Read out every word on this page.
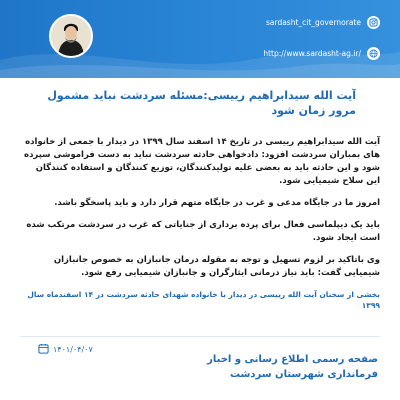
sardasht_cit_governorate
http://www.sardasht-ag.ir/
آیت الله سیدابراهیم رییسی:مسئله سردشت نباید مشمول مرور زمان شود

آیت الله سیدابراهیم رییسی در تاریخ ۱۴ اسفند سال ۱۳۹۹ در دیدار با جمعی از خانواده های بمباران سردشت افزود: دادخواهی حادثه سردشت نباید به دست فراموشی سپرده شود و این حادثه باید به بعضی علیه تولیدکنندگان، توزیع کنندگان و استفاده کنندگان این سلاح شیمیایی شود.

امروز ما در جایگاه مدعی و غرب در جایگاه متهم قرار دارد و باید پاسخگو باشد.

باید یک دیپلماسی فعال برای پرده برداری از جنایاتی که غرب در سردشت مرتکب شده است ایجاد شود.

وی باتاکید بر لزوم تسهیل و توجه به مقوله درمان جانبازان به خصوص جانبازان شیمیایی گفت: باید نیاز درمانی ایثارگران و جانبازان شیمیایی رفع شود.

بخشی از سخنان آیت الله رییسی در دیدار با خانواده شهدای حادثه سردشت در ۱۴ اسفندماه سال ۱۳۹۹

صفحه رسمی اطلاع رسانی و اخبار
فرمانداری شهرستان سردشت
۱۴۰۱/۰۴/۰۷
